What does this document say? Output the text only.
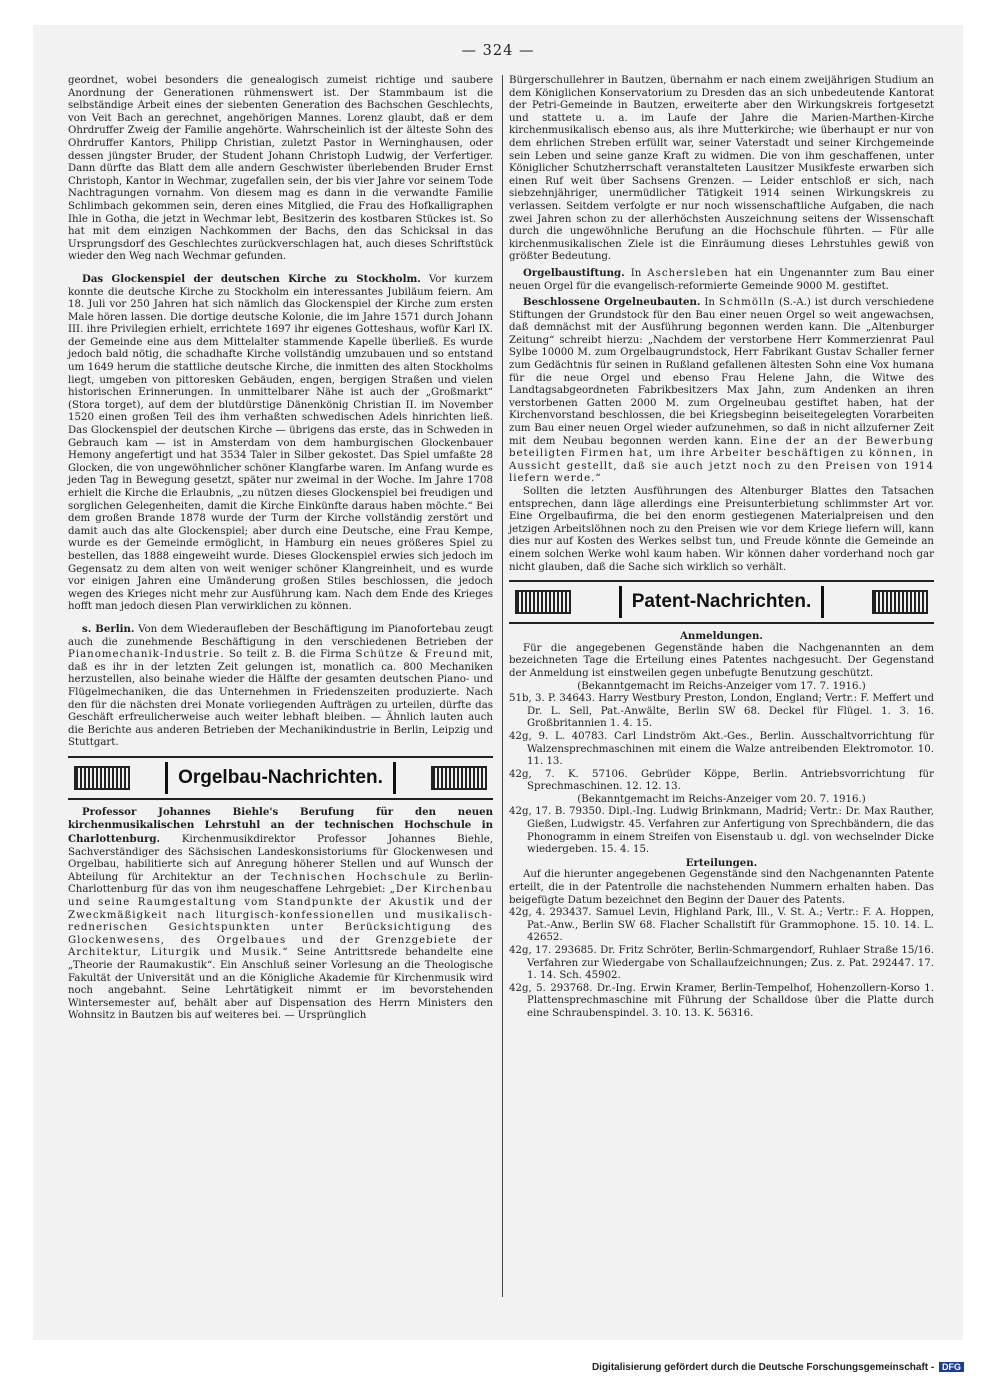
— 324 —

geordnet, wobei besonders die genealogisch zumeist richtige und saubere Anordnung der Generationen rühmenswert ist. Der Stammbaum ist die selbständige Arbeit eines der siebenten Generation des Bachschen Geschlechts, von Veit Bach an gerechnet, angehörigen Mannes. Lorenz glaubt, daß er dem Ohrdruffer Zweig der Familie angehörte. Wahrscheinlich ist der älteste Sohn des Ohrdruffer Kantors, Philipp Christian, zuletzt Pastor in Werninghausen, oder dessen jüngster Bruder, der Student Johann Christoph Ludwig, der Verfertiger. Dann dürfte das Blatt dem alle andern Geschwister überlebenden Bruder Ernst Christoph, Kantor in Wechmar, zugefallen sein, der bis vier Jahre vor seinem Tode Nachtragungen vornahm. Von diesem mag es dann in die verwandte Familie Schlimbach gekommen sein, deren eines Mitglied, die Frau des Hofkalligraphen Ihle in Gotha, die jetzt in Wechmar lebt, Besitzerin des kostbaren Stückes ist. So hat mit dem einzigen Nachkommen der Bachs, den das Schicksal in das Ursprungsdorf des Geschlechtes zurückverschlagen hat, auch dieses Schriftstück wieder den Weg nach Wechmar gefunden.

Das Glockenspiel der deutschen Kirche zu Stockholm. Vor kurzem konnte die deutsche Kirche zu Stockholm ein interessantes Jubiläum feiern. Am 18. Juli vor 250 Jahren hat sich nämlich das Glockenspiel der Kirche zum ersten Male hören lassen. Die dortige deutsche Kolonie, die im Jahre 1571 durch Johann III. ihre Privilegien erhielt, errichtete 1697 ihr eigenes Gotteshaus, wofür Karl IX. der Gemeinde eine aus dem Mittelalter stammende Kapelle überließ. Es wurde jedoch bald nötig, die schadhafte Kirche vollständig umzubauen und so entstand um 1649 herum die stattliche deutsche Kirche, die inmitten des alten Stockholms liegt, umgeben von pittoresken Gebäuden, engen, bergigen Straßen und vielen historischen Erinnerungen. In unmittelbarer Nähe ist auch der „Großmarkt“ (Stora torget), auf dem der blutdürstige Dänenkönig Christian II. im November 1520 einen großen Teil des ihm verhaßten schwedischen Adels hinrichten ließ. Das Glockenspiel der deutschen Kirche — übrigens das erste, das in Schweden in Gebrauch kam — ist in Amsterdam von dem hamburgischen Glockenbauer Hemony angefertigt und hat 3534 Taler in Silber gekostet. Das Spiel umfaßte 28 Glocken, die von ungewöhnlicher schöner Klangfarbe waren. Im Anfang wurde es jeden Tag in Bewegung gesetzt, später nur zweimal in der Woche. Im Jahre 1708 erhielt die Kirche die Erlaubnis, „zu nützen dieses Glockenspiel bei freudigen und sorglichen Gelegenheiten, damit die Kirche Einkünfte daraus haben möchte.“ Bei dem großen Brande 1878 wurde der Turm der Kirche vollständig zerstört und damit auch das alte Glockenspiel; aber durch eine Deutsche, eine Frau Kempe, wurde es der Gemeinde ermöglicht, in Hamburg ein neues größeres Spiel zu bestellen, das 1888 eingeweiht wurde. Dieses Glockenspiel erwies sich jedoch im Gegensatz zu dem alten von weit weniger schöner Klangreinheit, und es wurde vor einigen Jahren eine Umänderung großen Stiles beschlossen, die jedoch wegen des Krieges nicht mehr zur Ausführung kam. Nach dem Ende des Krieges hofft man jedoch diesen Plan verwirklichen zu können.

s. Berlin. Von dem Wiederaufleben der Beschäftigung im Pianofortebau zeugt auch die zunehmende Beschäftigung in den verschiedenen Betrieben der Pianomechanik-Industrie. So teilt z. B. die Firma Schütze & Freund mit, daß es ihr in der letzten Zeit gelungen ist, monatlich ca. 800 Mechaniken herzustellen, also beinahe wieder die Hälfte der gesamten deutschen Piano- und Flügelmechaniken, die das Unternehmen in Friedenszeiten produzierte. Nach den für die nächsten drei Monate vorliegenden Aufträgen zu urteilen, dürfte das Geschäft erfreulicherweise auch weiter lebhaft bleiben. — Ähnlich lauten auch die Berichte aus anderen Betrieben der Mechanikindustrie in Berlin, Leipzig und Stuttgart.

Orgelbau-Nachrichten.

Professor Johannes Biehle's Berufung für den neuen kirchenmusikalischen Lehrstuhl an der technischen Hochschule in Charlottenburg. Kirchenmusikdirektor Professor Johannes Biehle, Sachverständiger des Sächsischen Landeskonsistoriums für Glockenwesen und Orgelbau, habilitierte sich auf Anregung höherer Stellen und auf Wunsch der Abteilung für Architektur an der Technischen Hochschule zu Berlin-Charlottenburg für das von ihm neugeschaffene Lehrgebiet: „Der Kirchenbau und seine Raumgestaltung vom Standpunkte der Akustik und der Zweckmäßigkeit nach liturgisch-konfessionellen und musikalisch-rednerischen Gesichtspunkten unter Berücksichtigung des Glockenwesens, des Orgelbaues und der Grenzgebiete der Architektur, Liturgik und Musik.“ Seine Antrittsrede behandelte eine „Theorie der Raumakustik“. Ein Anschluß seiner Vorlesung an die Theologische Fakultät der Universität und an die Königliche Akademie für Kirchenmusik wird noch angebahnt. Seine Lehrtätigkeit nimmt er im bevorstehenden Wintersemester auf, behält aber auf Dispensation des Herrn Ministers den Wohnsitz in Bautzen bis auf weiteres bei. — Ursprünglich

Bürgerschullehrer in Bautzen, übernahm er nach einem zweijährigen Studium an dem Königlichen Konservatorium zu Dresden das an sich unbedeutende Kantorat der Petri-Gemeinde in Bautzen, erweiterte aber den Wirkungskreis fortgesetzt und stattete u. a. im Laufe der Jahre die Marien-Marthen-Kirche kirchenmusikalisch ebenso aus, als ihre Mutterkirche; wie überhaupt er nur von dem ehrlichen Streben erfüllt war, seiner Vaterstadt und seiner Kirchgemeinde sein Leben und seine ganze Kraft zu widmen. Die von ihm geschaffenen, unter Königlicher Schutzherrschaft veranstalteten Lausitzer Musikfeste erwarben sich einen Ruf weit über Sachsens Grenzen. — Leider entschloß er sich, nach siebzehnjähriger, unermüdlicher Tätigkeit 1914 seinen Wirkungskreis zu verlassen. Seitdem verfolgte er nur noch wissenschaftliche Aufgaben, die nach zwei Jahren schon zu der allerhöchsten Auszeichnung seitens der Wissenschaft durch die ungewöhnliche Berufung an die Hochschule führten. — Für alle kirchenmusikalischen Ziele ist die Einräumung dieses Lehrstuhles gewiß von größter Bedeutung.

Orgelbaustiftung. In Aschersleben hat ein Ungenannter zum Bau einer neuen Orgel für die evangelisch-reformierte Gemeinde 9000 M. gestiftet.

Beschlossene Orgelneubauten. In Schmölln (S.-A.) ist durch verschiedene Stiftungen der Grundstock für den Bau einer neuen Orgel so weit angewachsen, daß demnächst mit der Ausführung begonnen werden kann. Die „Altenburger Zeitung“ schreibt hierzu: „Nachdem der verstorbene Herr Kommerzienrat Paul Sylbe 10000 M. zum Orgelbaugrundstock, Herr Fabrikant Gustav Schaller ferner zum Gedächtnis für seinen in Rußland gefallenen ältesten Sohn eine Vox humana für die neue Orgel und ebenso Frau Helene Jahn, die Witwe des Landtagsabgeordneten Fabrikbesitzers Max Jahn, zum Andenken an ihren verstorbenen Gatten 2000 M. zum Orgelneubau gestiftet haben, hat der Kirchenvorstand beschlossen, die bei Kriegsbeginn beiseitegelegten Vorarbeiten zum Bau einer neuen Orgel wieder aufzunehmen, so daß in nicht allzuferner Zeit mit dem Neubau begonnen werden kann. Eine der an der Bewerbung beteiligten Firmen hat, um ihre Arbeiter beschäftigen zu können, in Aussicht gestellt, daß sie auch jetzt noch zu den Preisen von 1914 liefern werde.“

Sollten die letzten Ausführungen des Altenburger Blattes den Tatsachen entsprechen, dann läge allerdings eine Preisunterbietung schlimmster Art vor. Eine Orgelbaufirma, die bei den enorm gestiegenen Materialpreisen und den jetzigen Arbeitslöhnen noch zu den Preisen wie vor dem Kriege liefern will, kann dies nur auf Kosten des Werkes selbst tun, und Freude könnte die Gemeinde an einem solchen Werke wohl kaum haben. Wir können daher vorderhand noch gar nicht glauben, daß die Sache sich wirklich so verhält.

Patent-Nachrichten.

Anmeldungen.

Für die angegebenen Gegenstände haben die Nachgenannten an dem bezeichneten Tage die Erteilung eines Patentes nachgesucht. Der Gegenstand der Anmeldung ist einstweilen gegen unbefugte Benutzung geschützt.

(Bekanntgemacht im Reichs-Anzeiger vom 17. 7. 1916.)

51b, 3. P. 34643. Harry Westbury Preston, London, England; Vertr.: F. Meffert und Dr. L. Sell, Pat.-Anwälte, Berlin SW 68. Deckel für Flügel. 1. 3. 16. Großbritannien 1. 4. 15.

42g, 9. L. 40783. Carl Lindström Akt.-Ges., Berlin. Ausschaltvorrichtung für Walzensprechmaschinen mit einem die Walze antreibenden Elektromotor. 10. 11. 13.

42g, 7. K. 57106. Gebrüder Köppe, Berlin. Antriebsvorrichtung für Sprechmaschinen. 12. 12. 13.

(Bekanntgemacht im Reichs-Anzeiger vom 20. 7. 1916.)

42g, 17. B. 79350. Dipl.-Ing. Ludwig Brinkmann, Madrid; Vertr.: Dr. Max Rauther, Gießen, Ludwigstr. 45. Verfahren zur Anfertigung von Sprechbändern, die das Phonogramm in einem Streifen von Eisenstaub u. dgl. von wechselnder Dicke wiedergeben. 15. 4. 15.

Erteilungen.

Auf die hierunter angegebenen Gegenstände sind den Nachgenannten Patente erteilt, die in der Patentrolle die nachstehenden Nummern erhalten haben. Das beigefügte Datum bezeichnet den Beginn der Dauer des Patents.

42g, 4. 293437. Samuel Levin, Highland Park, Ill., V. St. A.; Vertr.: F. A. Hoppen, Pat.-Anw., Berlin SW 68. Flacher Schallstift für Grammophone. 15. 10. 14. L. 42652.

42g, 17. 293685. Dr. Fritz Schröter, Berlin-Schmargendorf, Ruhlaer Straße 15/16. Verfahren zur Wiedergabe von Schallaufzeichnungen; Zus. z. Pat. 292447. 17. 1. 14. Sch. 45902.

42g, 5. 293768. Dr.-Ing. Erwin Kramer, Berlin-Tempelhof, Hohenzollern-Korso 1. Plattensprechmaschine mit Führung der Schalldose über die Platte durch eine Schraubenspindel. 3. 10. 13. K. 56316.

Digitalisierung gefördert durch die Deutsche Forschungsgemeinschaft - DFG
